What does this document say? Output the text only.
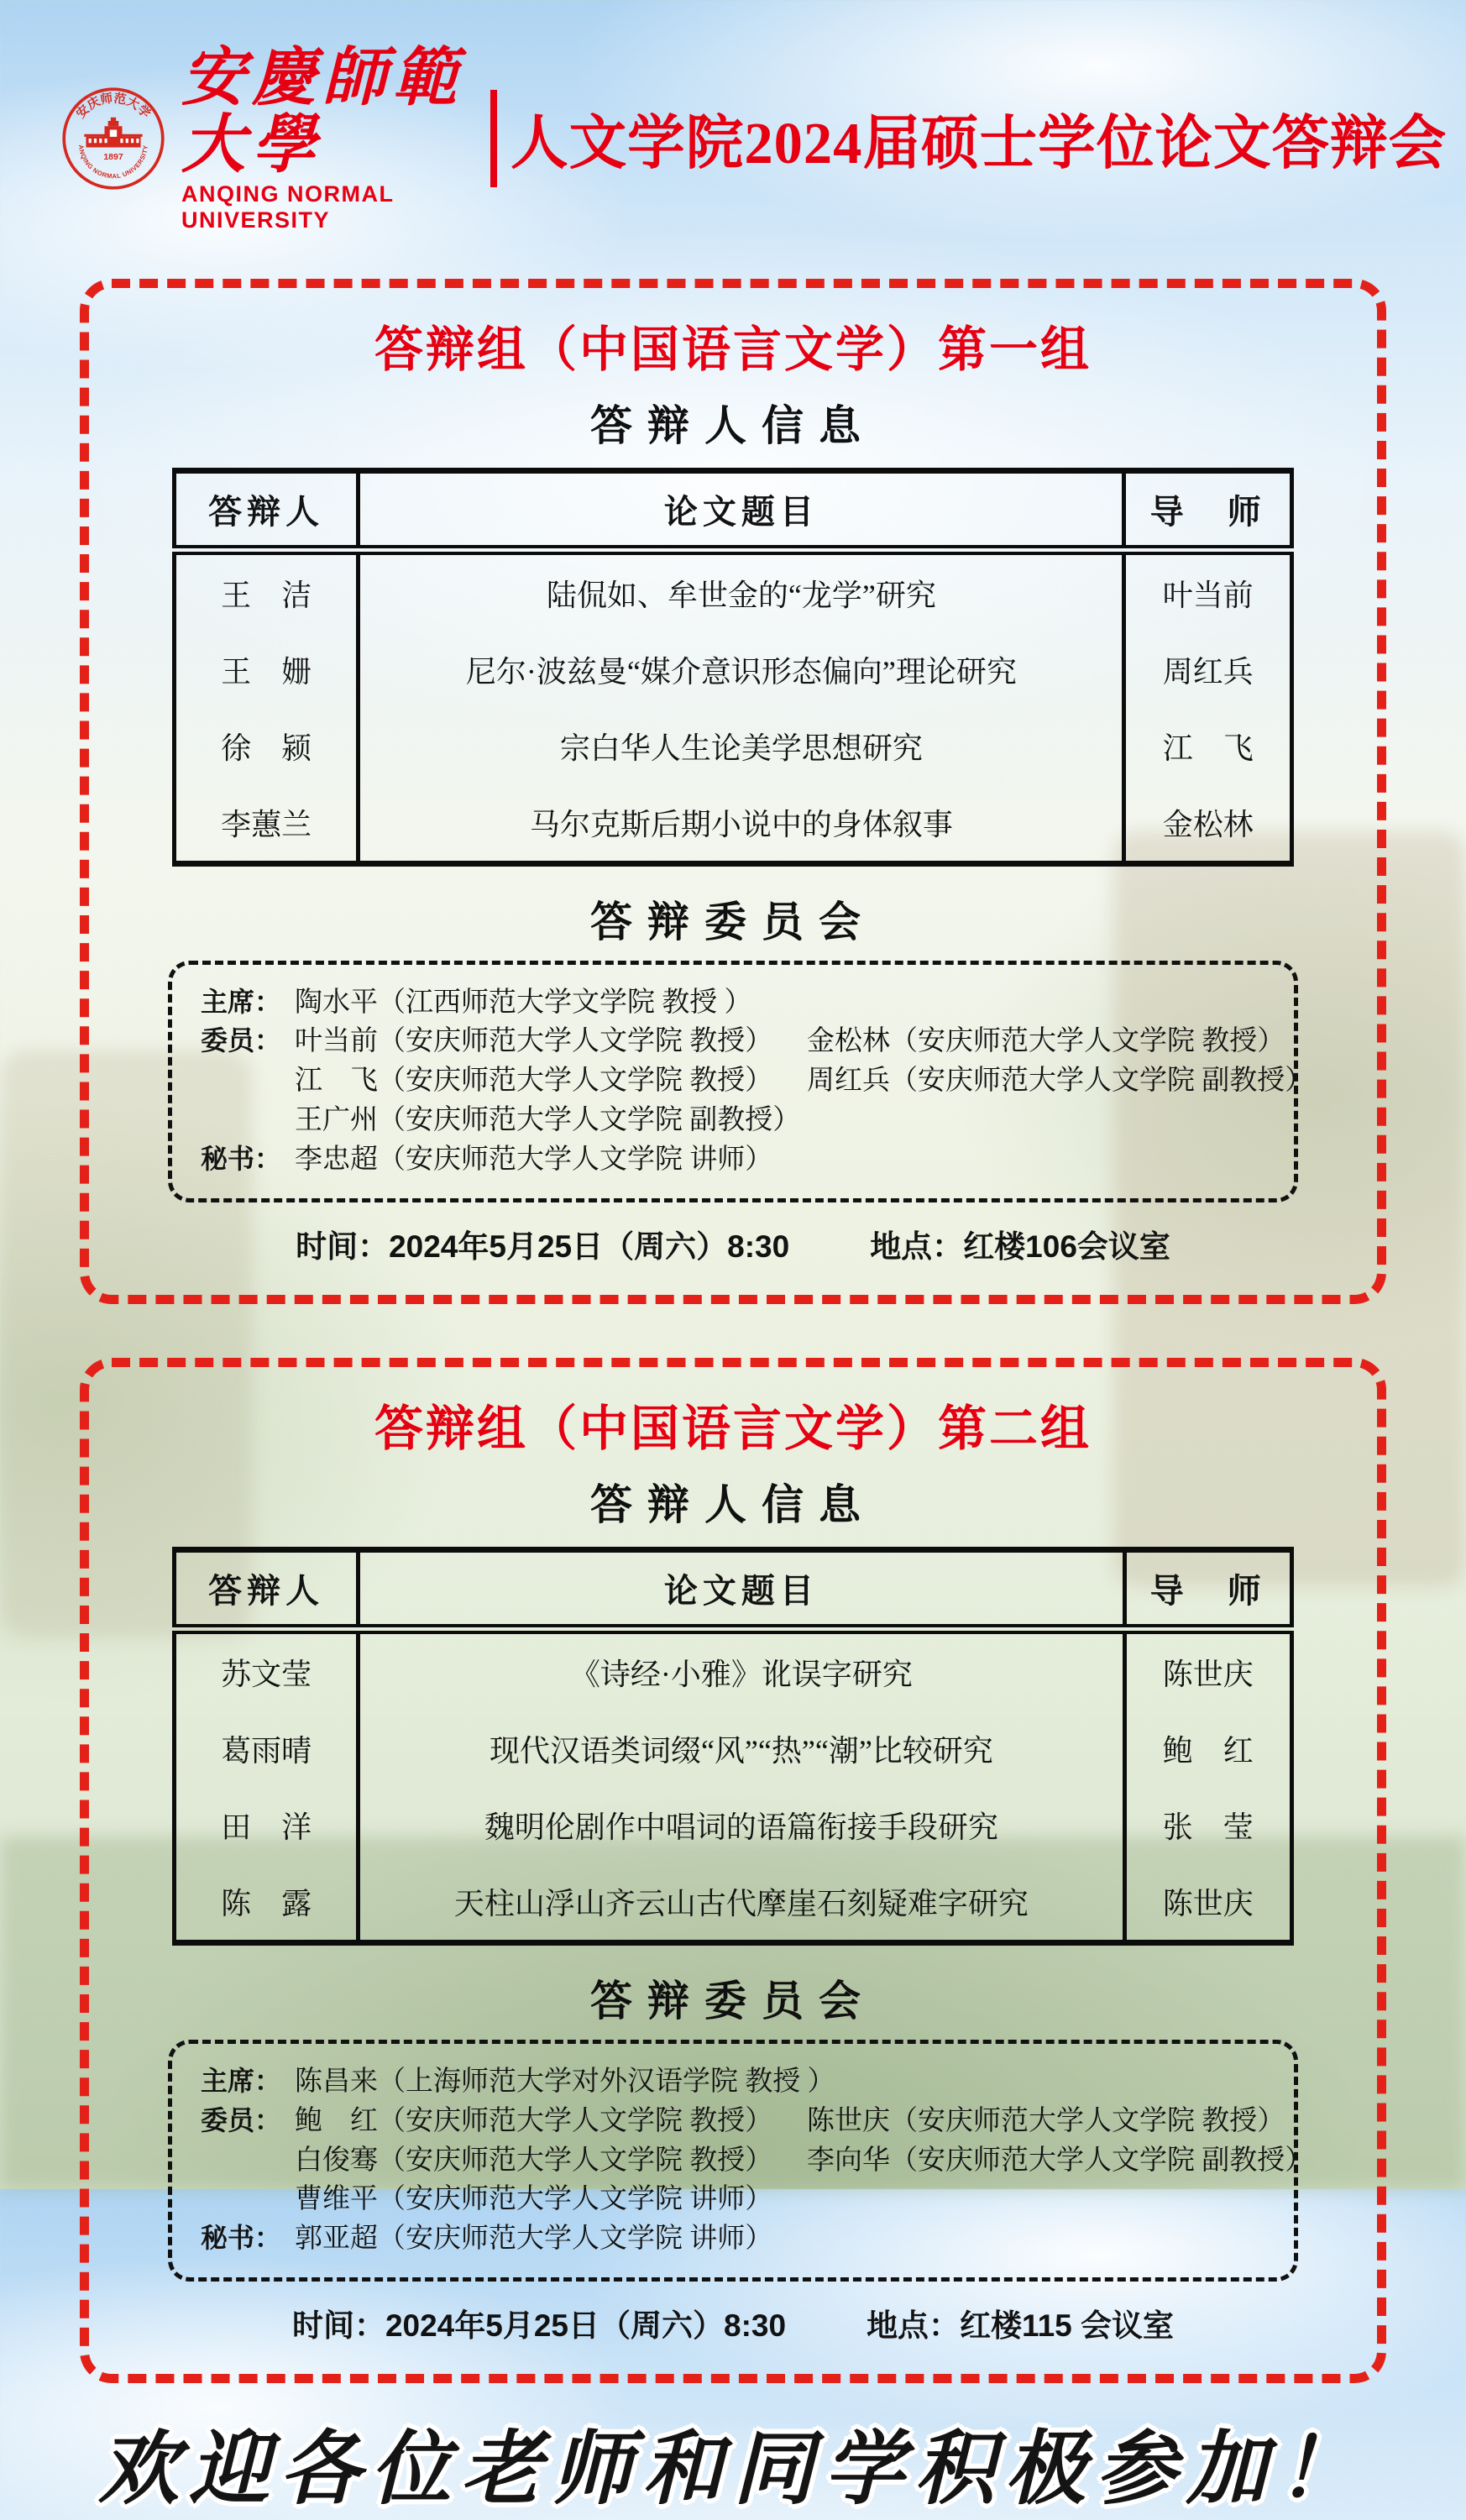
安庆师范大学
1897
ANQING NORMAL UNIVERSITY
安慶師範大學
ANQING NORMAL UNIVERSITY
人文学院2024届硕士学位论文答辩会
答辩组（中国语言文学）第一组
答辩人信息
答辩人	论文题目	导　师
王　洁	陆侃如、牟世金的“龙学”研究	叶当前
王　姗	尼尔·波兹曼“媒介意识形态偏向”理论研究	周红兵
徐　颍	宗白华人生论美学思想研究	江　飞
李蕙兰	马尔克斯后期小说中的身体叙事	金松林
答辩委员会
主席： 陶水平（江西师范大学文学院 教授 ）
委员： 叶当前（安庆师范大学人文学院 教授）	金松林（安庆师范大学人文学院 教授）
江　飞（安庆师范大学人文学院 教授）	周红兵（安庆师范大学人文学院 副教授）
王广州（安庆师范大学人文学院 副教授）
秘书： 李忠超（安庆师范大学人文学院 讲师）
时间：2024年5月25日（周六）8:30	地点：红楼106会议室
答辩组（中国语言文学）第二组
答辩人信息
答辩人	论文题目	导　师
苏文莹	《诗经·小雅》讹误字研究	陈世庆
葛雨晴	现代汉语类词缀“风”“热”“潮”比较研究	鲍　红
田　洋	魏明伦剧作中唱词的语篇衔接手段研究	张　莹
陈　露	天柱山浮山齐云山古代摩崖石刻疑难字研究	陈世庆
答辩委员会
主席： 陈昌来（上海师范大学对外汉语学院 教授 ）
委员： 鲍　红（安庆师范大学人文学院 教授）	陈世庆（安庆师范大学人文学院 教授）
白俊骞（安庆师范大学人文学院 教授）	李向华（安庆师范大学人文学院 副教授）
曹维平（安庆师范大学人文学院 讲师）
秘书： 郭亚超（安庆师范大学人文学院 讲师）
时间：2024年5月25日（周六）8:30	地点：红楼115 会议室
欢迎各位老师和同学积极参加！
